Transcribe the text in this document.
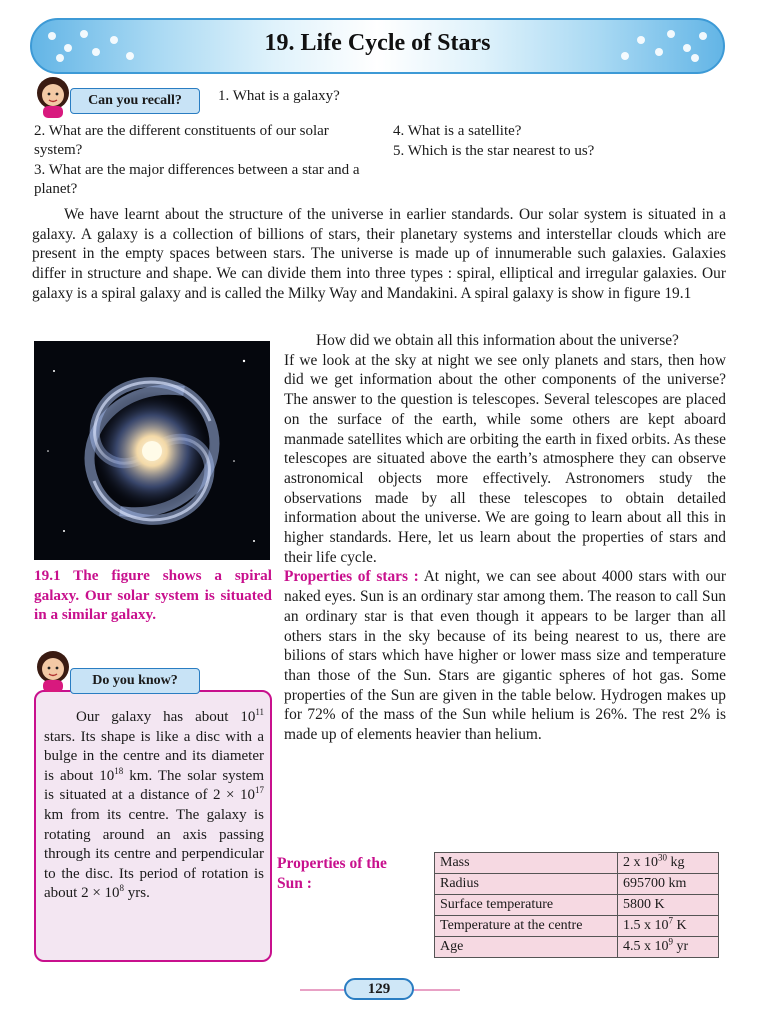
19. Life Cycle of Stars
Can you recall?	1. What is a galaxy?
2. What are the different constituents of our solar system?
3. What are the major differences between a star and a planet?
4. What is a satellite?
5. Which is the star nearest to us?

We have learnt about the structure of the universe in earlier standards. Our solar system is situated in a galaxy. A galaxy is a collection of billions of stars, their planetary systems and interstellar clouds which are present in the empty spaces between stars. The universe is made up of innumerable such galaxies. Galaxies differ in structure and shape. We can divide them into three types : spiral, elliptical and irregular galaxies. Our galaxy is a spiral galaxy and is called the Milky Way and Mandakini. A spiral galaxy is show in figure 19.1

19.1 The figure shows a spiral galaxy. Our solar system is situated in a similar galaxy.

How did we obtain all this information about the universe?

If we look at the sky at night we see only planets and stars, then how did we get information about the other components of the universe? The answer to the question is telescopes. Several telescopes are placed on the surface of the earth, while some others are kept aboard manmade satellites which are orbiting the earth in fixed orbits. As these telescopes are situated above the earth’s atmosphere they can observe astronomical objects more effectively. Astronomers study the observations made by all these telescopes to obtain detailed information about the universe. We are going to learn about all this in higher standards. Here, let us learn about the properties of stars and their life cycle.

Properties of stars : At night, we can see about 4000 stars with our naked eyes. Sun is an ordinary star among them. The reason to call Sun an ordinary star is that even though it appears to be larger than all others stars in the sky because of its being nearest to us, there are bilions of stars which have higher or lower mass size and temperature than those of the Sun. Stars are gigantic spheres of hot gas. Some properties of the Sun are given in the table below. Hydrogen makes up for 72% of the mass of the Sun while helium is 26%. The rest 2% is made up of elements heavier than helium.

Do you know?
Our galaxy has about $10^{11}$ stars. Its shape is like a disc with a bulge in the centre and its diameter is about $10^{18}$ km. The solar system is situated at a distance of $2 \times 10^{17}$ km from its centre. The galaxy is rotating around an axis passing through its centre and perpendicular to the disc. Its period of rotation is about $2 \times 10^8$ yrs.
Properties of the Sun :
Mass	2 x $10^{30}$ kg
Radius	695700 km
Surface temperature	5800 K
Temperature at the centre	1.5 x $10^7$ K
Age	4.5 x $10^9$ yr
129
